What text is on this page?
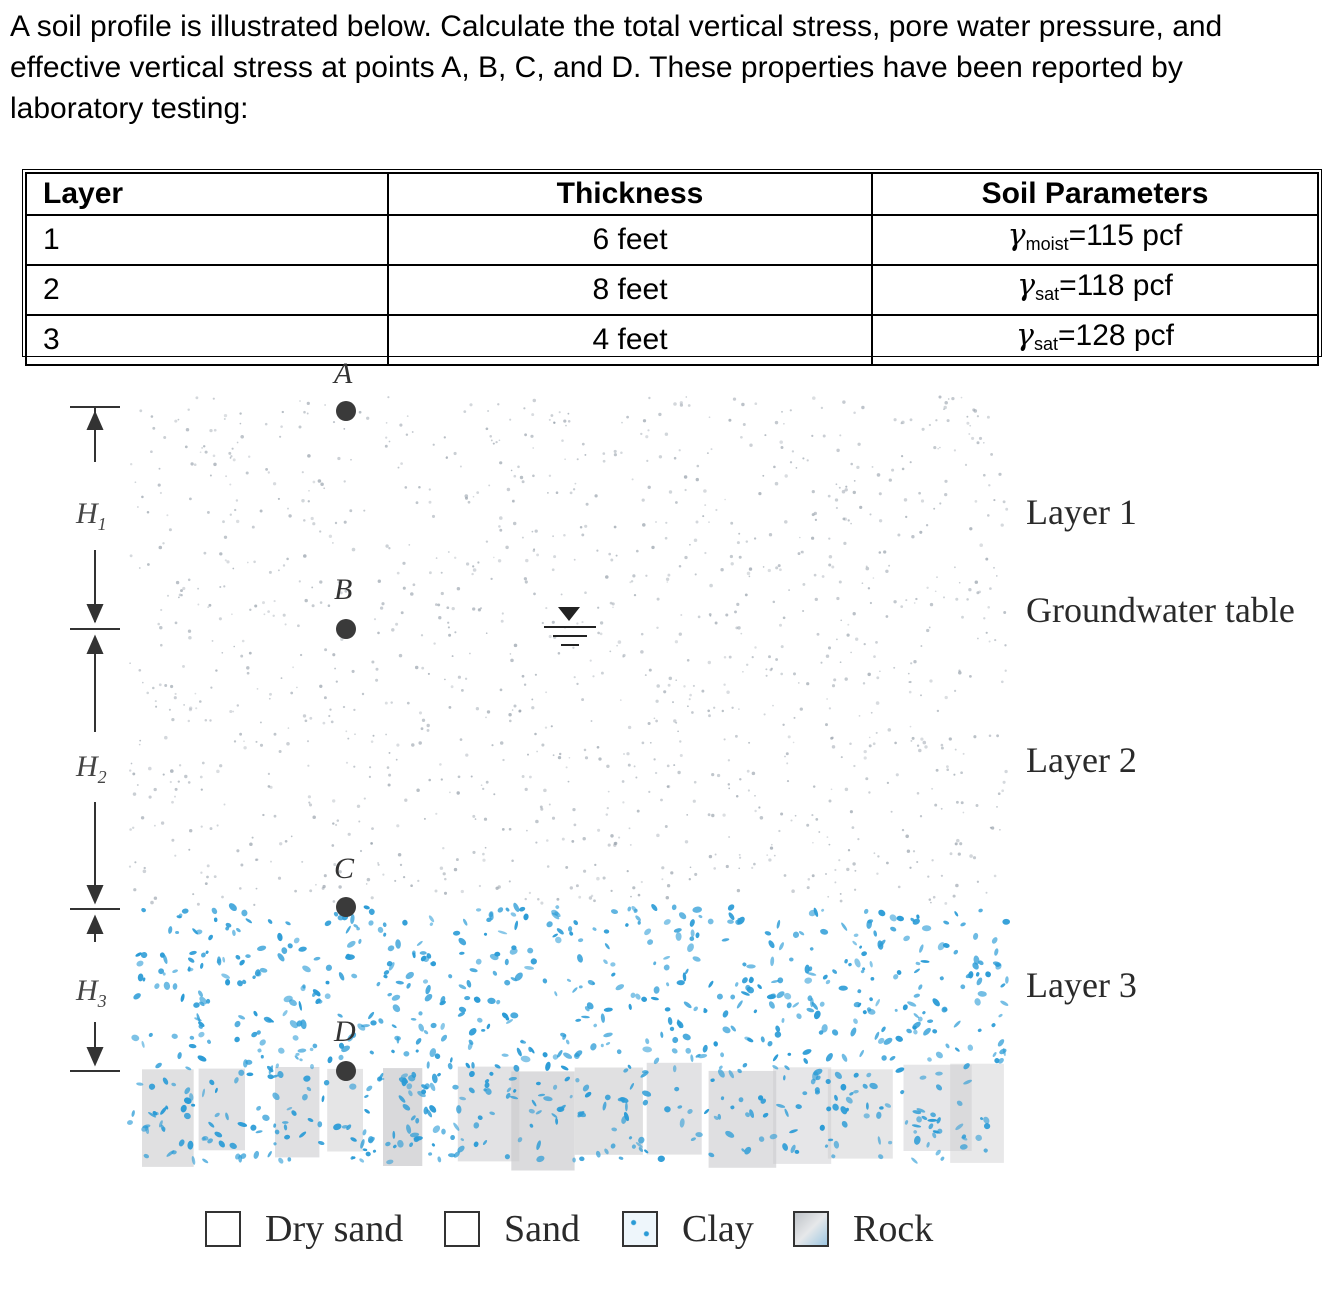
A soil profile is illustrated below. Calculate the total vertical stress, pore water pressure, and effective vertical stress at points A, B, C, and D. These properties have been reported by laboratory testing:

Layer	Thickness	Soil Parameters
1	6 feet	$\gamma_{moist}=115$ pcf
2	8 feet	$\gamma_{sat}=118$ pcf
3	4 feet	$\gamma_{sat}=128$ pcf
A
B
C
D
$H_1$
$H_2$
$H_3$
Layer 1
Groundwater table
Layer 2
Layer 3
Dry sand	Sand	Clay	Rock
